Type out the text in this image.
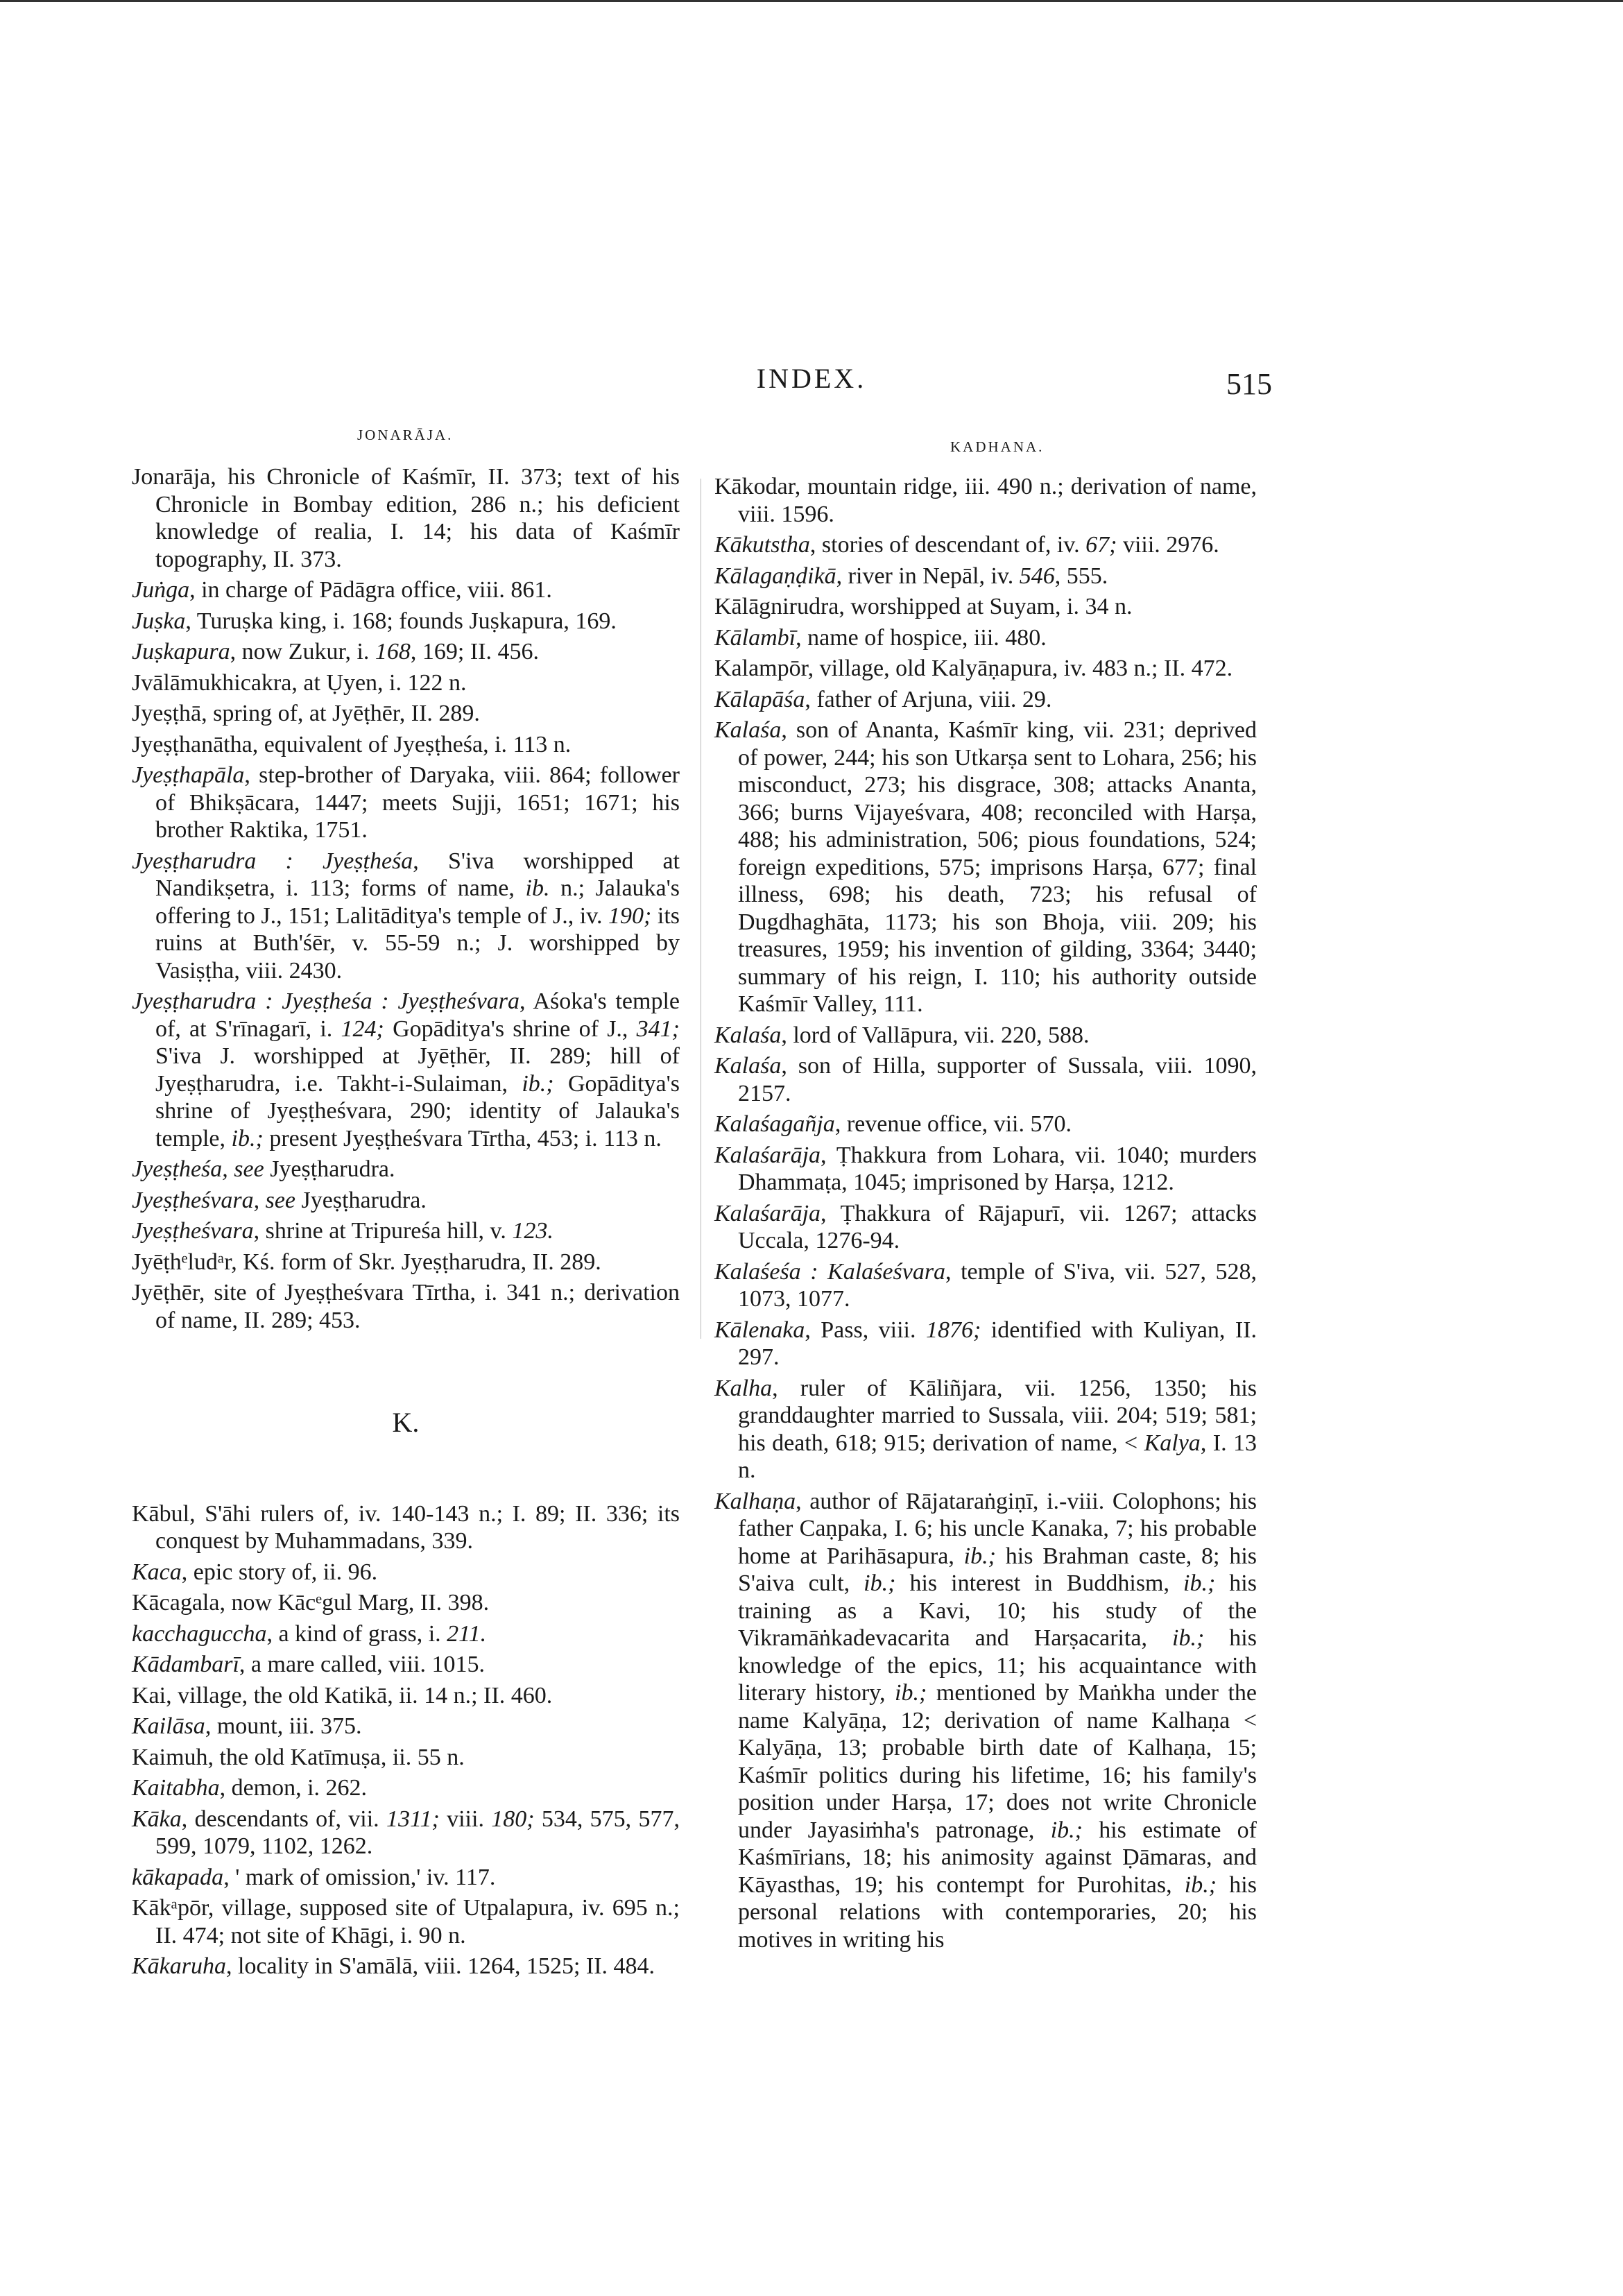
INDEX.	515
JONARĀJA.
KADHANA.

Jonarāja, his Chronicle of Kaśmīr, II. 373; text of his Chronicle in Bombay edition, 286 n.; his deficient knowledge of realia, I. 14; his data of Kaśmīr topography, II. 373.

Juṅga, in charge of Pādāgra office, viii. 861.

Juṣka, Turuṣka king, i. 168; founds Juṣkapura, 169.

Juṣkapura, now Zukur, i. 168, 169; II. 456.

Jvālāmukhicakra, at Ụyen, i. 122 n.

Jyeṣṭhā, spring of, at Jyēṭhēr, II. 289.

Jyeṣṭhanātha, equivalent of Jyeṣṭheśa, i. 113 n.

Jyeṣṭhapāla, step-brother of Daryaka, viii. 864; follower of Bhikṣācara, 1447; meets Sujji, 1651; 1671; his brother Raktika, 1751.

Jyeṣṭharudra : Jyeṣṭheśa, S'iva worshipped at Nandikṣetra, i. 113; forms of name, ib. n.; Jalauka's offering to J., 151; Lalitāditya's temple of J., iv. 190; its ruins at Buth'śēr, v. 55-59 n.; J. worshipped by Vasiṣṭha, viii. 2430.

Jyeṣṭharudra : Jyeṣṭheśa : Jyeṣṭheśvara, Aśoka's temple of, at S'rīnagarī, i. 124; Gopāditya's shrine of J., 341; S'iva J. worshipped at Jyēṭhēr, II. 289; hill of Jyeṣṭharudra, i.e. Takht-i-Sulaiman, ib.; Gopāditya's shrine of Jyeṣṭheśvara, 290; identity of Jalauka's temple, ib.; present Jyeṣṭheśvara Tīrtha, 453; i. 113 n.

Jyeṣṭheśa, see Jyeṣṭharudra.

Jyeṣṭheśvara, see Jyeṣṭharudra.

Jyeṣṭheśvara, shrine at Tripureśa hill, v. 123.

Jyēṭhᵉludᵃr, Kś. form of Skr. Jyeṣṭharudra, II. 289.

Jyēṭhēr, site of Jyeṣṭheśvara Tīrtha, i. 341 n.; derivation of name, II. 289; 453.

K.

Kābul, S'āhi rulers of, iv. 140-143 n.; I. 89; II. 336; its conquest by Muhammadans, 339.

Kaca, epic story of, ii. 96.

Kācagala, now Kācᵉgul Marg, II. 398.

kacchaguccha, a kind of grass, i. 211.

Kādambarī, a mare called, viii. 1015.

Kai, village, the old Katikā, ii. 14 n.; II. 460.

Kailāsa, mount, iii. 375.

Kaimuh, the old Katīmuṣa, ii. 55 n.

Kaitabha, demon, i. 262.

Kāka, descendants of, vii. 1311; viii. 180; 534, 575, 577, 599, 1079, 1102, 1262.

kākapada, ' mark of omission,' iv. 117.

Kākᵃpōr, village, supposed site of Utpalapura, iv. 695 n.; II. 474; not site of Khāgi, i. 90 n.

Kākaruha, locality in S'amālā, viii. 1264, 1525; II. 484.

Kākodar, mountain ridge, iii. 490 n.; derivation of name, viii. 1596.

Kākutstha, stories of descendant of, iv. 67; viii. 2976.

Kālagaṇḍikā, river in Nepāl, iv. 546, 555.

Kālāgnirudra, worshipped at Suyam, i. 34 n.

Kālambī, name of hospice, iii. 480.

Kalampōr, village, old Kalyāṇapura, iv. 483 n.; II. 472.

Kālapāśa, father of Arjuna, viii. 29.

Kalaśa, son of Ananta, Kaśmīr king, vii. 231; deprived of power, 244; his son Utkarṣa sent to Lohara, 256; his misconduct, 273; his disgrace, 308; attacks Ananta, 366; burns Vijayeśvara, 408; reconciled with Harṣa, 488; his administration, 506; pious foundations, 524; foreign expeditions, 575; imprisons Harṣa, 677; final illness, 698; his death, 723; his refusal of Dugdhaghāta, 1173; his son Bhoja, viii. 209; his treasures, 1959; his invention of gilding, 3364; 3440; summary of his reign, I. 110; his authority outside Kaśmīr Valley, 111.

Kalaśa, lord of Vallāpura, vii. 220, 588.

Kalaśa, son of Hilla, supporter of Sussala, viii. 1090, 2157.

Kalaśagañja, revenue office, vii. 570.

Kalaśarāja, Ṭhakkura from Lohara, vii. 1040; murders Dhammaṭa, 1045; imprisoned by Harṣa, 1212.

Kalaśarāja, Ṭhakkura of Rājapurī, vii. 1267; attacks Uccala, 1276-94.

Kalaśeśa : Kalaśeśvara, temple of S'iva, vii. 527, 528, 1073, 1077.

Kālenaka, Pass, viii. 1876; identified with Kuliyan, II. 297.

Kalha, ruler of Kāliñjara, vii. 1256, 1350; his granddaughter married to Sussala, viii. 204; 519; 581; his death, 618; 915; derivation of name, < Kalya, I. 13 n.

Kalhaṇa, author of Rājataraṅgiṇī, i.-viii. Colophons; his father Caṇpaka, I. 6; his uncle Kanaka, 7; his probable home at Parihāsapura, ib.; his Brahman caste, 8; his S'aiva cult, ib.; his interest in Buddhism, ib.; his training as a Kavi, 10; his study of the Vikramāṅkadevacarita and Harṣacarita, ib.; his knowledge of the epics, 11; his acquaintance with literary history, ib.; mentioned by Maṅkha under the name Kalyāṇa, 12; derivation of name Kalhaṇa < Kalyāṇa, 13; probable birth date of Kalhaṇa, 15; Kaśmīr politics during his lifetime, 16; his family's position under Harṣa, 17; does not write Chronicle under Jayasiṁha's patronage, ib.; his estimate of Kaśmīrians, 18; his animosity against Ḍāmaras, and Kāyasthas, 19; his contempt for Purohitas, ib.; his personal relations with contemporaries, 20; his motives in writing his
